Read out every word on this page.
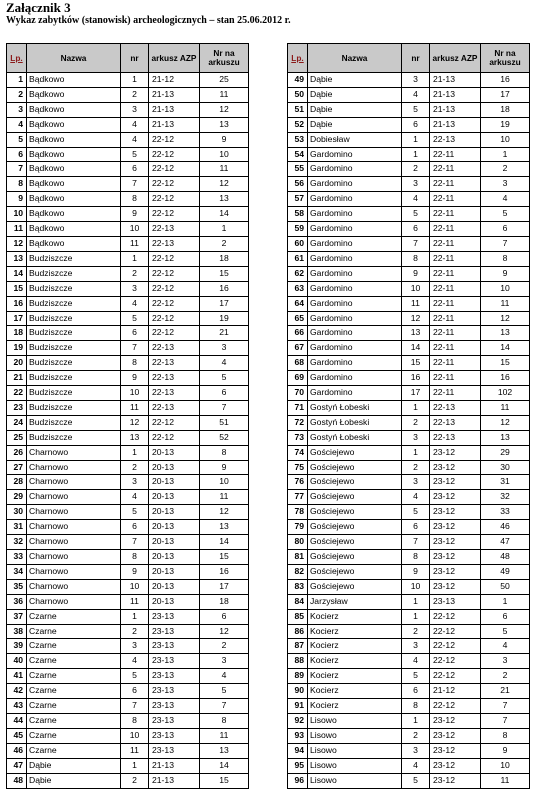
Załącznik 3
Wykaz zabytków (stanowisk) archeologicznych – stan 25.06.2012 r.
Lp.	Nazwa	nr	arkusz AZP	Nr na arkuszu
1	Bądkowo	1	21-12	25
2	Bądkowo	2	21-13	11
3	Bądkowo	3	21-13	12
4	Bądkowo	4	21-13	13
5	Bądkowo	4	22-12	9
6	Bądkowo	5	22-12	10
7	Bądkowo	6	22-12	11
8	Bądkowo	7	22-12	12
9	Bądkowo	8	22-12	13
10	Bądkowo	9	22-12	14
11	Bądkowo	10	22-13	1
12	Bądkowo	11	22-13	2
13	Budziszcze	1	22-12	18
14	Budziszcze	2	22-12	15
15	Budziszcze	3	22-12	16
16	Budziszcze	4	22-12	17
17	Budziszcze	5	22-12	19
18	Budziszcze	6	22-12	21
19	Budziszcze	7	22-13	3
20	Budziszcze	8	22-13	4
21	Budziszcze	9	22-13	5
22	Budziszcze	10	22-13	6
23	Budziszcze	11	22-13	7
24	Budziszcze	12	22-12	51
25	Budziszcze	13	22-12	52
26	Charnowo	1	20-13	8
27	Charnowo	2	20-13	9
28	Charnowo	3	20-13	10
29	Charnowo	4	20-13	11
30	Charnowo	5	20-13	12
31	Charnowo	6	20-13	13
32	Charnowo	7	20-13	14
33	Charnowo	8	20-13	15
34	Charnowo	9	20-13	16
35	Charnowo	10	20-13	17
36	Charnowo	11	20-13	18
37	Czarne	1	23-13	6
38	Czarne	2	23-13	12
39	Czarne	3	23-13	2
40	Czarne	4	23-13	3
41	Czarne	5	23-13	4
42	Czarne	6	23-13	5
43	Czarne	7	23-13	7
44	Czarne	8	23-13	8
45	Czarne	10	23-13	11
46	Czarne	11	23-13	13
47	Dąbie	1	21-13	14
48	Dąbie	2	21-13	15
Lp.	Nazwa	nr	arkusz AZP	Nr na arkuszu
49	Dąbie	3	21-13	16
50	Dąbie	4	21-13	17
51	Dąbie	5	21-13	18
52	Dąbie	6	21-13	19
53	Dobiesław	1	22-13	10
54	Gardomino	1	22-11	1
55	Gardomino	2	22-11	2
56	Gardomino	3	22-11	3
57	Gardomino	4	22-11	4
58	Gardomino	5	22-11	5
59	Gardomino	6	22-11	6
60	Gardomino	7	22-11	7
61	Gardomino	8	22-11	8
62	Gardomino	9	22-11	9
63	Gardomino	10	22-11	10
64	Gardomino	11	22-11	11
65	Gardomino	12	22-11	12
66	Gardomino	13	22-11	13
67	Gardomino	14	22-11	14
68	Gardomino	15	22-11	15
69	Gardomino	16	22-11	16
70	Gardomino	17	22-11	102
71	Gostyń Łobeski	1	22-13	11
72	Gostyń Łobeski	2	22-13	12
73	Gostyń Łobeski	3	22-13	13
74	Gościejewo	1	23-12	29
75	Gościejewo	2	23-12	30
76	Gościejewo	3	23-12	31
77	Gościejewo	4	23-12	32
78	Gościejewo	5	23-12	33
79	Gościejewo	6	23-12	46
80	Gościejewo	7	23-12	47
81	Gościejewo	8	23-12	48
82	Gościejewo	9	23-12	49
83	Gościejewo	10	23-12	50
84	Jarzysław	1	23-13	1
85	Kocierz	1	22-12	6
86	Kocierz	2	22-12	5
87	Kocierz	3	22-12	4
88	Kocierz	4	22-12	3
89	Kocierz	5	22-12	2
90	Kocierz	6	21-12	21
91	Kocierz	8	22-12	7
92	Lisowo	1	23-12	7
93	Lisowo	2	23-12	8
94	Lisowo	3	23-12	9
95	Lisowo	4	23-12	10
96	Lisowo	5	23-12	11
